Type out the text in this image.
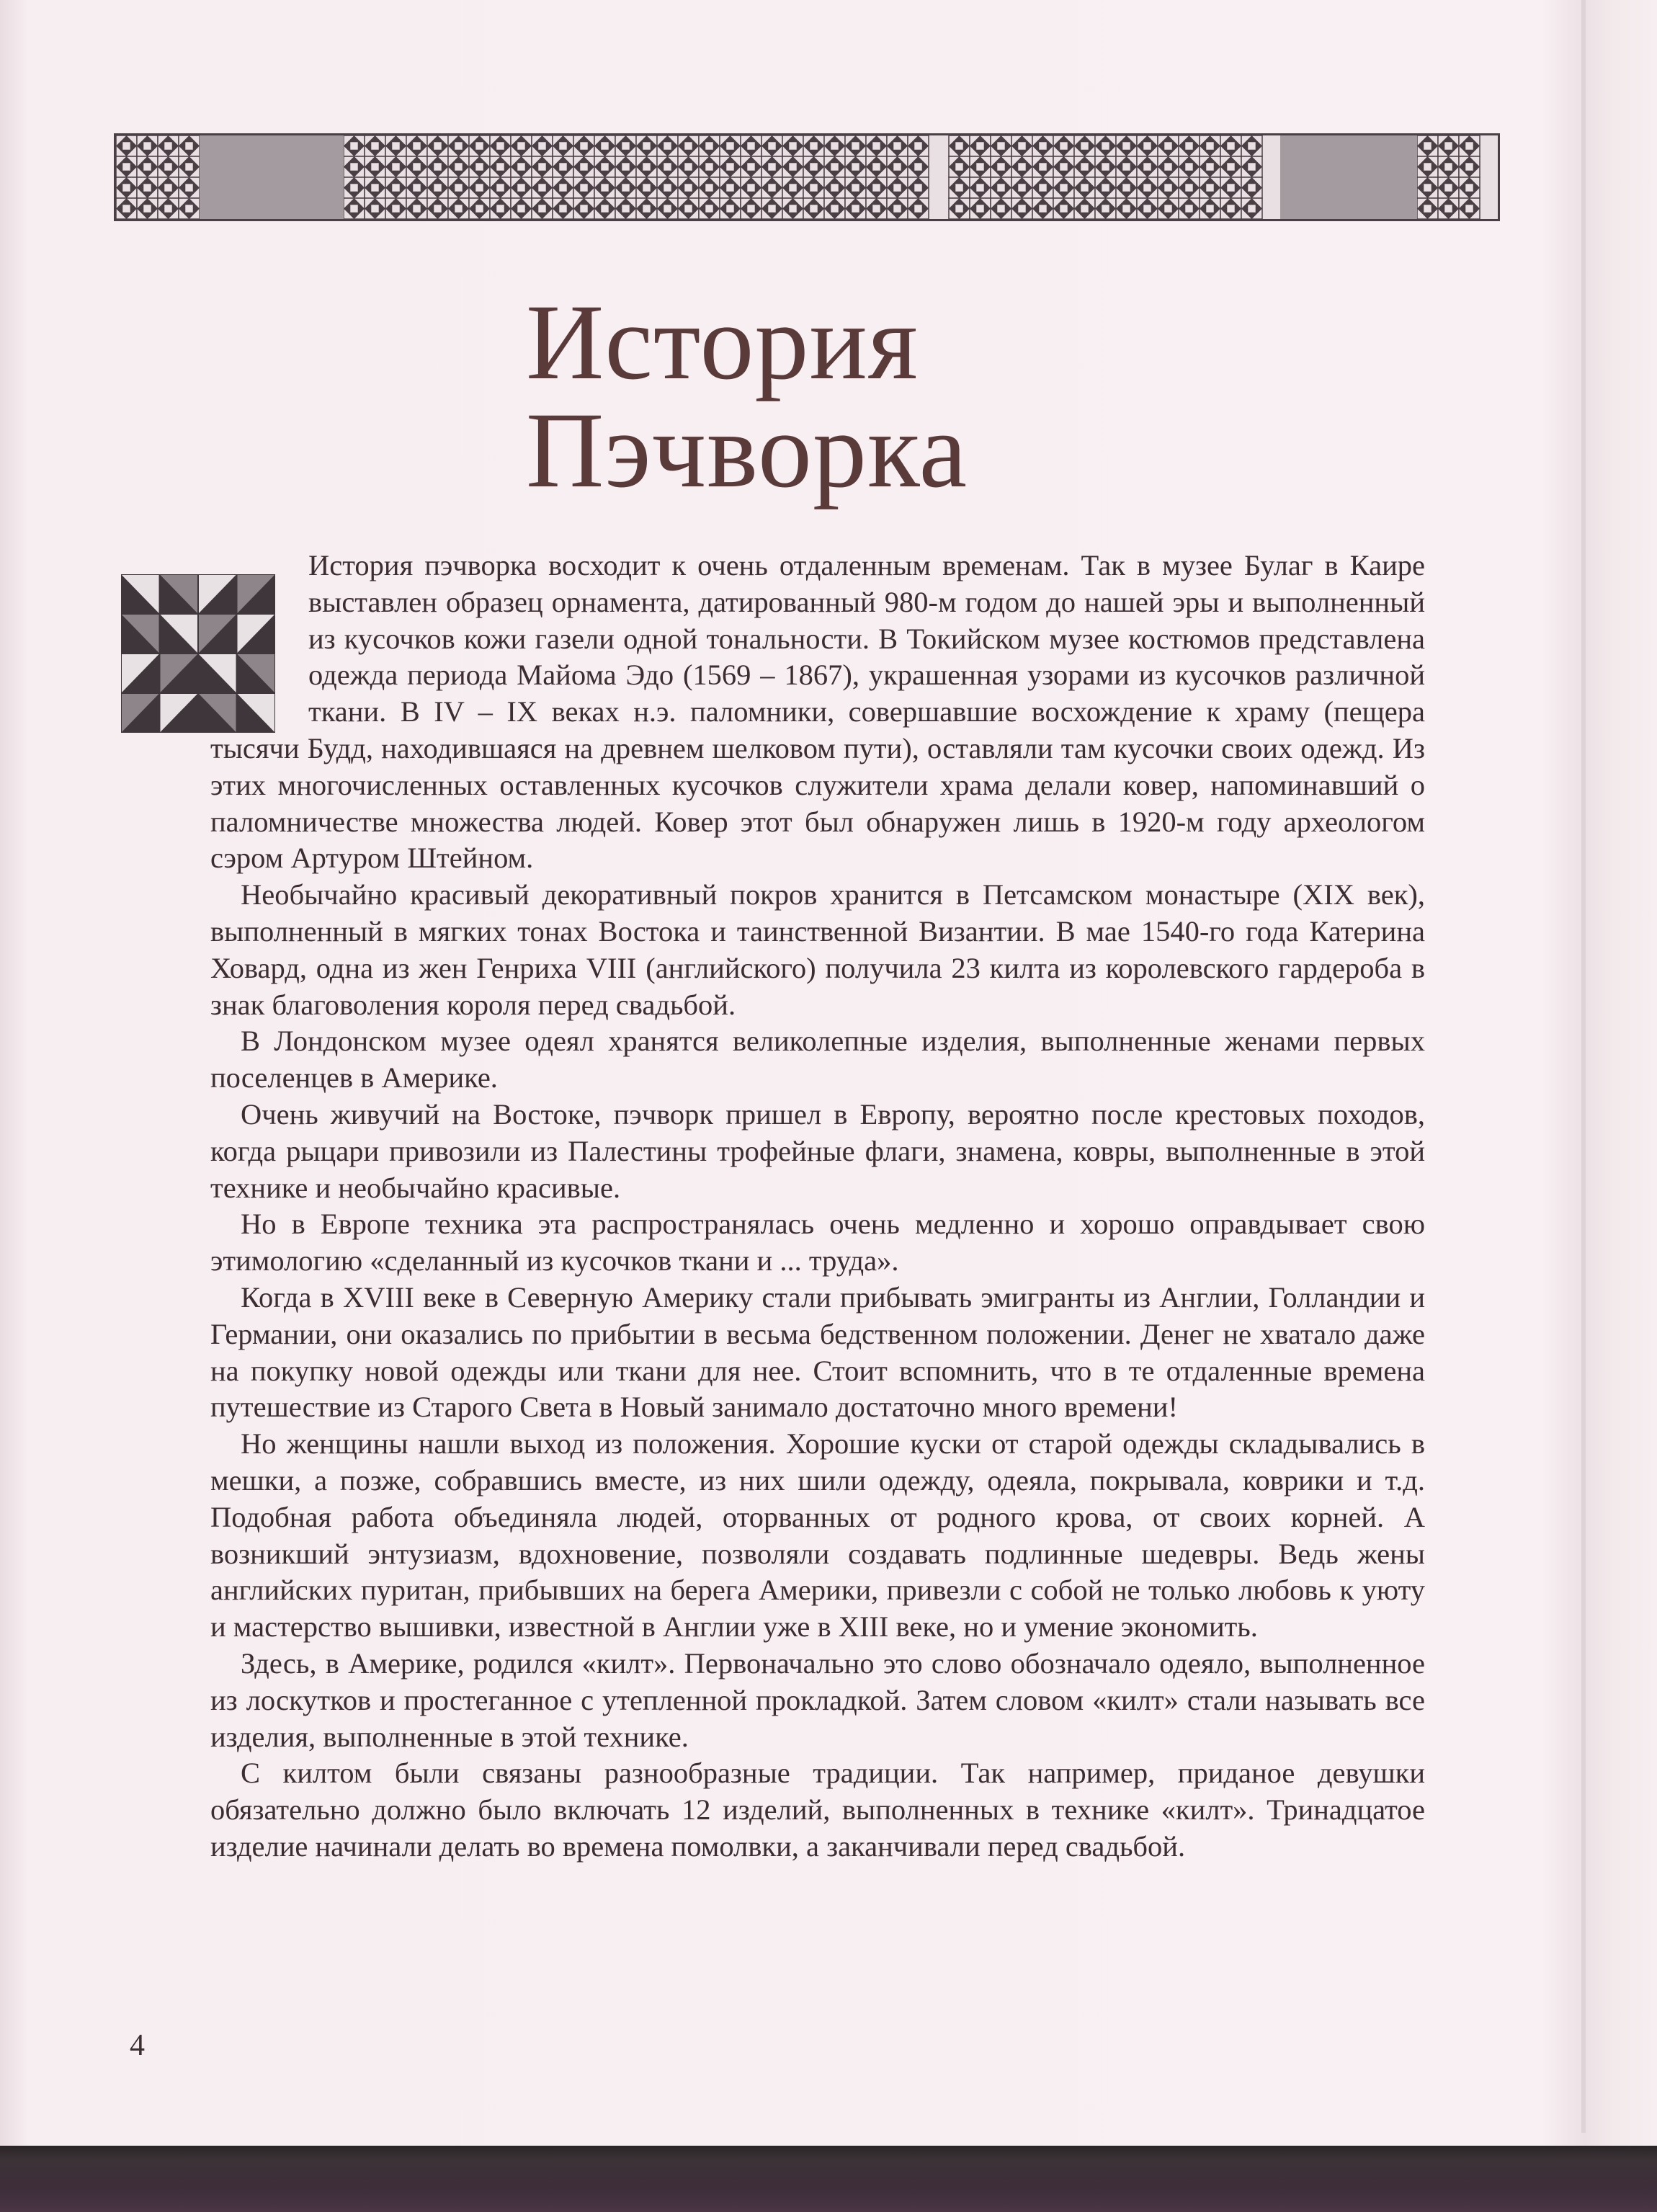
История
Пэчворка

История пэчворка восходит к очень отдаленным временам. Так в музее Булаг в Каире выставлен образец орнамента, датированный 980-м годом до нашей эры и выполненный из кусочков кожи газели одной тональности. В Токийском музее костюмов представлена одежда периода Майома Эдо (1569 – 1867), украшенная узорами из кусочков различной ткани. В IV – IX веках н.э. паломники, совершавшие восхождение к храму (пещера тысячи Будд, находившаяся на древнем шелковом пути), оставляли там кусочки своих одежд. Из этих многочисленных оставленных кусочков служители храма делали ковер, напоминавший о паломничестве множества людей. Ковер этот был обнаружен лишь в 1920-м году археологом сэром Артуром Штейном.

Необычайно красивый декоративный покров хранится в Петсамском монастыре (XIX век), выполненный в мягких тонах Востока и таинственной Византии. В мае 1540-го года Катерина Ховард, одна из жен Генриха VIII (английского) получила 23 килта из королевского гардероба в знак благоволения короля перед свадьбой.

В Лондонском музее одеял хранятся великолепные изделия, выполненные женами первых поселенцев в Америке.

Очень живучий на Востоке, пэчворк пришел в Европу, вероятно после крестовых походов, когда рыцари привозили из Палестины трофейные флаги, знамена, ковры, выполненные в этой технике и необычайно красивые.

Но в Европе техника эта распространялась очень медленно и хорошо оправдывает свою этимологию «сделанный из кусочков ткани и ... труда».

Когда в XVIII веке в Северную Америку стали прибывать эмигранты из Англии, Голландии и Германии, они оказались по прибытии в весьма бедственном положении. Денег не хватало даже на покупку новой одежды или ткани для нее. Стоит вспомнить, что в те отдаленные времена путешествие из Старого Света в Новый занимало достаточно много времени!

Но женщины нашли выход из положения. Хорошие куски от старой одежды складывались в мешки, а позже, собравшись вместе, из них шили одежду, одеяла, покрывала, коврики и т.д. Подобная работа объединяла людей, оторванных от родного крова, от своих корней. А возникший энтузиазм, вдохновение, позволяли создавать подлинные шедевры. Ведь жены английских пуритан, прибывших на берега Америки, привезли с собой не только любовь к уюту и мастерство вышивки, известной в Англии уже в XIII веке, но и умение экономить.

Здесь, в Америке, родился «килт». Первоначально это слово обозначало одеяло, выполненное из лоскутков и простеганное с утепленной прокладкой. Затем словом «килт» стали называть все изделия, выполненные в этой технике.

С килтом были связаны разнообразные традиции. Так например, приданое девушки обязательно должно было включать 12 изделий, выполненных в технике «килт». Тринадцатое изделие начинали делать во времена помолвки, а заканчивали перед свадьбой.

4
